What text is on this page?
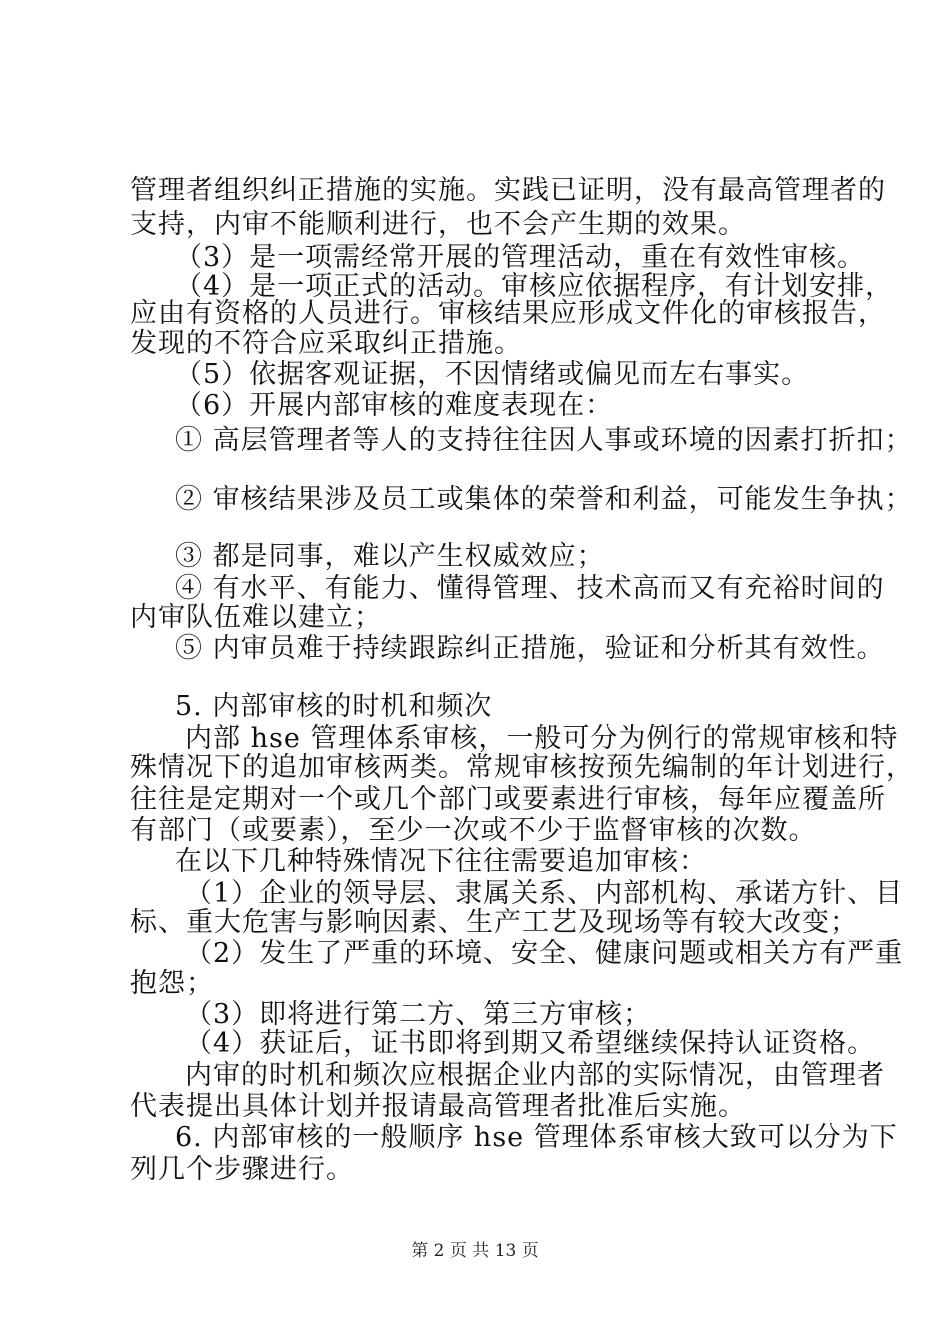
管理者组织纠正措施的实施。实践已证明，没有最高管理者的
支持，内审不能顺利进行，也不会产生期的效果。
（3）是一项需经常开展的管理活动，重在有效性审核。
（4）是一项正式的活动。审核应依据程序，有计划安排，
应由有资格的人员进行。审核结果应形成文件化的审核报告，
发现的不符合应采取纠正措施。
（5）依据客观证据，不因情绪或偏见而左右事实。
（6）开展内部审核的难度表现在：
① 高层管理者等人的支持往往因人事或环境的因素打折扣；
② 审核结果涉及员工或集体的荣誉和利益，可能发生争执；
③ 都是同事，难以产生权威效应；
④ 有水平、有能力、懂得管理、技术高而又有充裕时间的
内审队伍难以建立；
⑤ 内审员难于持续跟踪纠正措施，验证和分析其有效性。
5. 内部审核的时机和频次
内部 hse 管理体系审核，一般可分为例行的常规审核和特
殊情况下的追加审核两类。常规审核按预先编制的年计划进行，
往往是定期对一个或几个部门或要素进行审核，每年应覆盖所
有部门（或要素），至少一次或不少于监督审核的次数。
在以下几种特殊情况下往往需要追加审核：
（1）企业的领导层、隶属关系、内部机构、承诺方针、目
标、重大危害与影响因素、生产工艺及现场等有较大改变；
（2）发生了严重的环境、安全、健康问题或相关方有严重
抱怨；
（3）即将进行第二方、第三方审核；
（4）获证后，证书即将到期又希望继续保持认证资格。
内审的时机和频次应根据企业内部的实际情况，由管理者
代表提出具体计划并报请最高管理者批准后实施。
6. 内部审核的一般顺序 hse 管理体系审核大致可以分为下
列几个步骤进行。
第 2 页 共 13 页
